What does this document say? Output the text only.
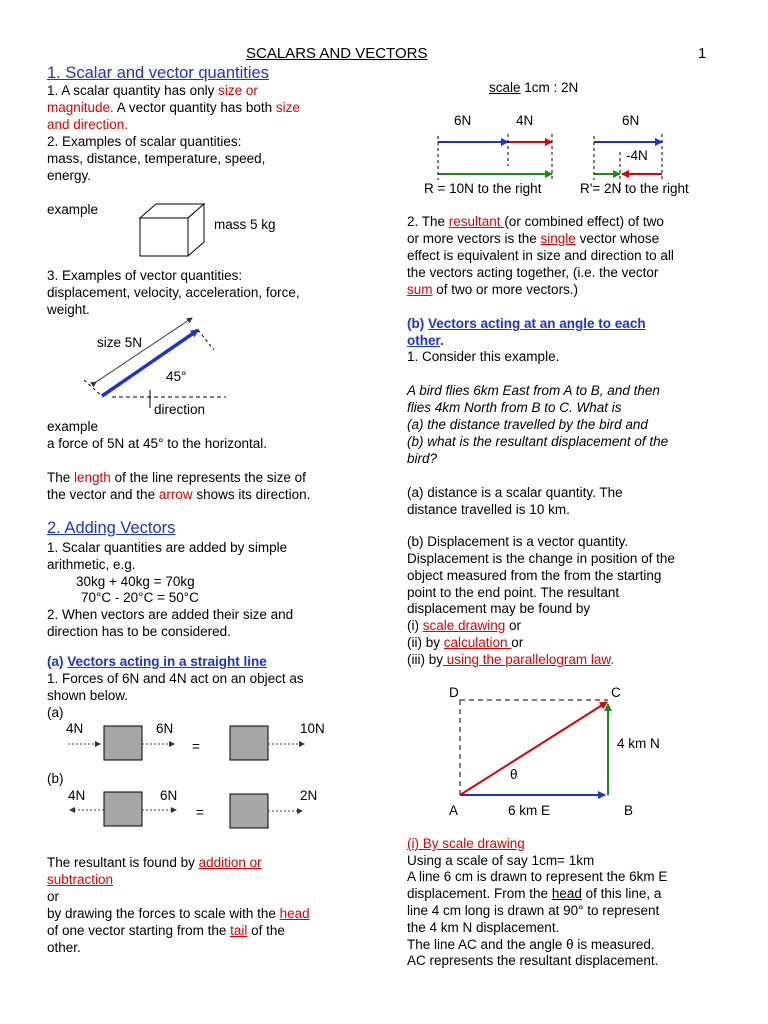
SCALARS AND VECTORS	1
1. Scalar and vector quantities
1. A scalar quantity has only size or
magnitude. A vector quantity has both size
and direction.
2. Examples of scalar quantities:
mass, distance, temperature, speed,
energy.
example
mass 5 kg
3. Examples of vector quantities:
displacement, velocity, acceleration, force,
weight.
size 5N
45°
direction
example
a force of 5N at 45° to the horizontal.
The length of the line represents the size of
the vector and the arrow shows its direction.
2. Adding Vectors
1. Scalar quantities are added by simple
arithmetic, e.g.
30kg + 40kg = 70kg
70°C - 20°C = 50°C
2. When vectors are added their size and
direction has to be considered.
(a) Vectors acting in a straight line
1. Forces of 6N and 4N act on an object as
shown below.
(a)
4N	6N
=
10N
(b)
4N	6N
=
2N
The resultant is found by addition or
subtraction
or
by drawing the forces to scale with the head
of one vector starting from the tail of the
other.
scale 1cm : 2N
6N	4N	6N
-4N
R = 10N to the right	R'= 2N to the right
2. The resultant (or combined effect) of two
or more vectors is the single vector whose
effect is equivalent in size and direction to all
the vectors acting together, (i.e. the vector
sum of two or more vectors.)
(b) Vectors acting at an angle to each
other.
1. Consider this example.
A bird flies 6km East from A to B, and then
flies 4km North from B to C. What is
(a) the distance travelled by the bird and
(b) what is the resultant displacement of the
bird?
(a) distance is a scalar quantity. The
distance travelled is 10 km.
(b) Displacement is a vector quantity.
Displacement is the change in position of the
object measured from the from the starting
point to the end point. The resultant
displacement may be found by
(i) scale drawing or
(ii) by calculation or
(iii) by using the parallelogram law.
D	C
A	B
4 km N
6 km E
θ
(i) By scale drawing
Using a scale of say 1cm= 1km
A line 6 cm is drawn to represent the 6km E
displacement. From the head of this line, a
line 4 cm long is drawn at 90° to represent
the 4 km N displacement.
The line AC and the angle θ is measured.
AC represents the resultant displacement.
